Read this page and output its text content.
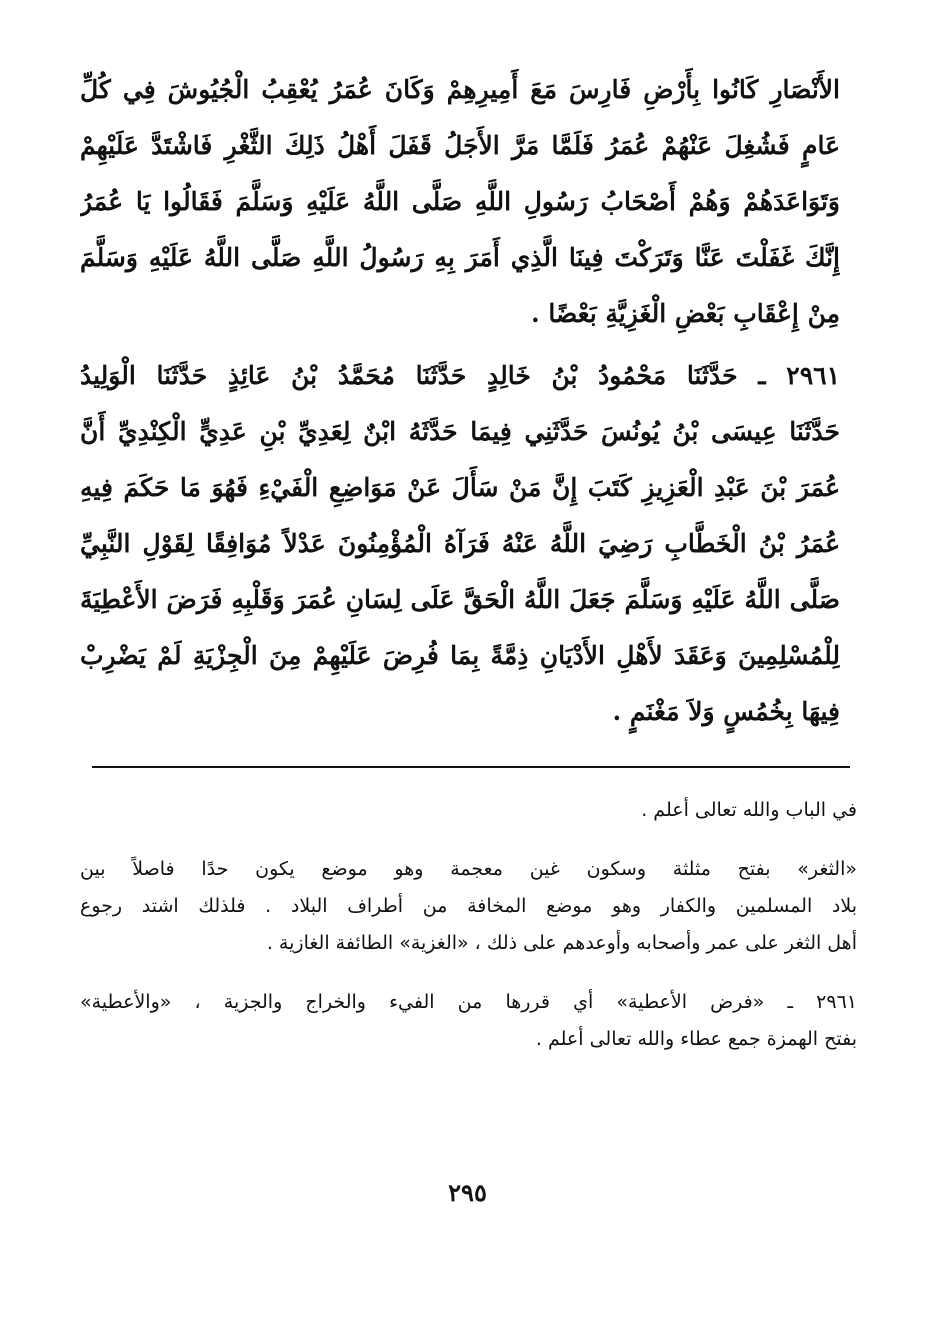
الأَنْصَارِ كَانُوا بِأَرْضِ فَارِسَ مَعَ أَمِيرِهِمْ وَكَانَ عُمَرُ يُعْقِبُ الْجُيُوشَ فِي كُلِّ
عَامٍ فَشُغِلَ عَنْهُمْ عُمَرُ فَلَمَّا مَرَّ الأَجَلُ قَفَلَ أَهْلُ ذَلِكَ الثَّغْرِ فَاشْتَدَّ عَلَيْهِمْ
وَتَوَاعَدَهُمْ وَهُمْ أَصْحَابُ رَسُولِ اللَّهِ صَلَّى اللَّهُ عَلَيْهِ وَسَلَّمَ فَقَالُوا يَا عُمَرُ
إِنَّكَ غَفَلْتَ عَنَّا وَتَرَكْتَ فِينَا الَّذِي أَمَرَ بِهِ رَسُولُ اللَّهِ صَلَّى اللَّهُ عَلَيْهِ وَسَلَّمَ
مِنْ إِعْقَابِ بَعْضِ الْغَزِيَّةِ بَعْضًا .
٢٩٦١ ـ حَدَّثَنَا مَحْمُودُ بْنُ خَالِدٍ حَدَّثَنَا مُحَمَّدُ بْنُ عَائِذٍ حَدَّثَنَا الْوَلِيدُ
حَدَّثَنَا عِيسَى بْنُ يُونُسَ حَدَّثَنِي فِيمَا حَدَّثَهُ ابْنٌ لِعَدِيِّ بْنِ عَدِيٍّ الْكِنْدِيِّ أَنَّ
عُمَرَ بْنَ عَبْدِ الْعَزِيزِ كَتَبَ إِنَّ مَنْ سَأَلَ عَنْ مَوَاضِعِ الْفَيْءِ فَهُوَ مَا حَكَمَ فِيهِ
عُمَرُ بْنُ الْخَطَّابِ رَضِيَ اللَّهُ عَنْهُ فَرَآهُ الْمُؤْمِنُونَ عَدْلاً مُوَافِقًا لِقَوْلِ النَّبِيِّ
صَلَّى اللَّهُ عَلَيْهِ وَسَلَّمَ جَعَلَ اللَّهُ الْحَقَّ عَلَى لِسَانِ عُمَرَ وَقَلْبِهِ فَرَضَ الأَعْطِيَةَ
لِلْمُسْلِمِينَ وَعَقَدَ لأَهْلِ الأَدْيَانِ ذِمَّةً بِمَا فُرِضَ عَلَيْهِمْ مِنَ الْجِزْيَةِ لَمْ يَضْرِبْ
فِيهَا بِخُمُسٍ وَلاَ مَغْنَمٍ .
في الباب والله تعالى أعلم .
«الثغر» بفتح مثلثة وسكون غين معجمة وهو موضع يكون حدًا فاصلاً بين
بلاد المسلمين والكفار وهو موضع المخافة من أطراف البلاد . فلذلك اشتد رجوع
أهل الثغر على عمر وأصحابه وأوعدهم على ذلك ، «الغزية» الطائفة الغازية .
٢٩٦١ ـ «فرض الأعطية» أي قررها من الفيء والخراج والجزية ، «والأعطية»
بفتح الهمزة جمع عطاء والله تعالى أعلم .
٢٩٥
